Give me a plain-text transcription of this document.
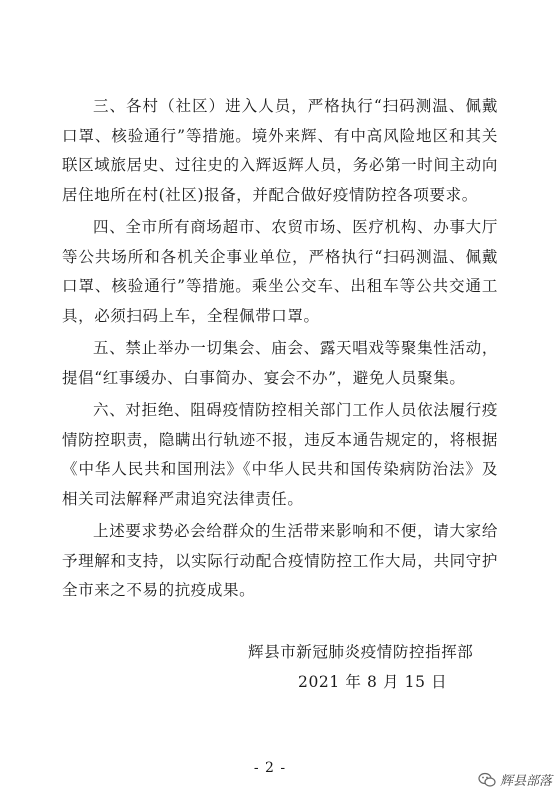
三、各村（社区）进入人员，严格执行“扫码测温、佩戴口罩、核验通行”等措施。境外来辉、有中高风险地区和其关联区域旅居史、过往史的入辉返辉人员，务必第一时间主动向居住地所在村(社区)报备，并配合做好疫情防控各项要求。

四、全市所有商场超市、农贸市场、医疗机构、办事大厅等公共场所和各机关企事业单位，严格执行“扫码测温、佩戴口罩、核验通行”等措施。乘坐公交车、出租车等公共交通工具，必须扫码上车，全程佩带口罩。

五、禁止举办一切集会、庙会、露天唱戏等聚集性活动，提倡“红事缓办、白事简办、宴会不办”，避免人员聚集。

六、对拒绝、阻碍疫情防控相关部门工作人员依法履行疫情防控职责，隐瞒出行轨迹不报，违反本通告规定的，将根据《中华人民共和国刑法》《中华人民共和国传染病防治法》及相关司法解释严肃追究法律责任。

上述要求势必会给群众的生活带来影响和不便，请大家给予理解和支持，以实际行动配合疫情防控工作大局，共同守护全市来之不易的抗疫成果。

辉县市新冠肺炎疫情防控指挥部
2021 年 8 月 15 日
- 2 -
辉县部落
